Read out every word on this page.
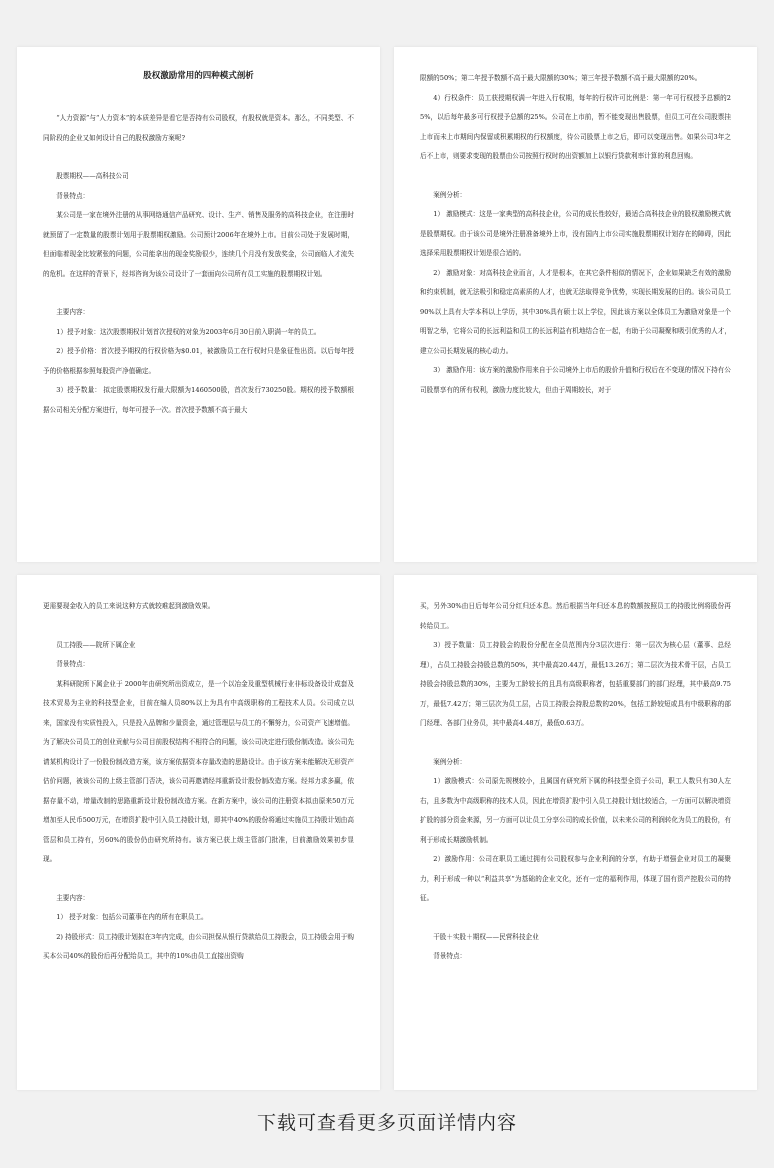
股权激励常用的四种模式剖析
“人力资源”与“人力资本”的本质差异是看它是否持有公司股权，有股权就是资本。那么，不同类型、不同阶段的企业又如何设计自己的股权激励方案呢?
股票期权——高科技公司
背景特点：
某公司是一家在境外注册的从事网络通信产品研究、设计、生产、销售及服务的高科技企业，在注册时就预留了一定数量的股票计划用于股票期权激励。公司预计2006年在境外上市。目前公司处于发展时期，但面临着现金比较紧张的问题，公司能拿出的现金奖励很少，连续几个月没有发放奖金，公司面临人才流失的危机。在这样的背景下，经邦咨询为该公司设计了一套面向公司所有员工实施的股票期权计划。
主要内容：
1）授予对象：这次股票期权计划首次授权的对象为2003年6月30日前入职满一年的员工。
2）授予价格：首次授予期权的行权价格为$0.01，被激励员工在行权时只是象征性出资。以后每年授予的价格根据参照每股资产净值确定。
3）授予数量： 拟定股票期权发行最大限额为1460500股，首次发行730250股。期权的授予数额根据公司相关分配方案进行，每年可授予一次。首次授予数额不高于最大
限额的50%；第二年授予数额不高于最大限额的30%；第三年授予数额不高于最大限额的20%。
4）行权条件：员工获授期权满一年进入行权期，每年的行权许可比例是：第一年可行权授予总额的25%，以后每年最多可行权授予总额的25%。公司在上市前，暂不能变现出售股票，但员工可在公司股票挂上市而未上市期间内保留或积累期权的行权额度，待公司股票上市之后，即可以变现出售。如果公司3年之后不上市，则要求变现的股票由公司按照行权时的出资额加上以银行贷款利率计算的利息回购。
案例分析：
1） 激励模式：这是一家典型的高科技企业，公司的成长性较好，最适合高科技企业的股权激励模式就是股票期权。由于该公司是境外注册准备境外上市，没有国内上市公司实施股票期权计划存在的障碍，因此选择采用股票期权计划是很合适的。
2） 激励对象：对高科技企业而言，人才是根本，在其它条件相似的情况下，企业如果缺乏有效的激励和约束机制，就无法吸引和稳定高素质的人才，也就无法取得竞争优势，实现长期发展的目的。该公司员工90%以上具有大学本科以上学历，其中30%具有硕士以上学位，因此该方案以全体员工为激励对象是一个明智之举，它将公司的长远利益和员工的长远利益有机地结合在一起，有助于公司凝聚和吸引优秀的人才，建立公司长期发展的核心动力。
3） 激励作用：该方案的激励作用来自于公司境外上市后的股价升值和行权后在不变现的情况下持有公司股票享有的所有权利，激励力度比较大，但由于周期较长，对于
更需要现金收入的员工来说这种方式就较难起到激励效果。
员工持股——院所下属企业
背景特点：
某科研院所下属企业于 2000年由研究所出资成立，是一个以冶金及重型机械行业非标设备设计成套及技术贸易为主业的科技型企业，目前在编人员80%以上为具有中高级职称的工程技术人员。公司成立以来，国家没有实质性投入，只是投入品牌和少量资金，通过管理层与员工的不懈努力，公司资产飞速增值。为了解决公司员工的创业贡献与公司目前股权结构不相符合的问题，该公司决定进行股份制改造。该公司先请某机构设计了一份股份制改造方案，该方案依据资本存量改造的思路设计。由于该方案未能解决无形资产估价问题，被该公司的上级主管部门否决，该公司再邀请经邦重新设计股份制改造方案。经邦力求多赢，依据存量不动，增量改制的思路重新设计股份制改造方案。在新方案中，该公司的注册资本拟由原来50万元增加至人民币500万元，在增资扩股中引入员工持股计划，即其中40%的股份将通过实施员工持股计划由高管层和员工持有，另60%的股份仍由研究所持有。该方案已获上级主管部门批准，目前激励效果初步显现。
主要内容：
1） 授予对象：包括公司董事在内的所有在职员工。
2) 持股形式：员工持股计划拟在3年内完成，由公司担保从银行贷款给员工持股会，员工持股会用于购买本公司40%的股份后再分配给员工，其中的10%由员工直接出资购
买，另外30%由日后每年公司分红归还本息。然后根据当年归还本息的数额按照员工的持股比例将股份再转给员工。
3）授予数量：员工持股会的股份分配在全员范围内分3层次进行：第一层次为核心层（董事、总经理），占员工持股会持股总数的50%，其中最高20.44万，最低13.26万；第二层次为技术骨干层，占员工持股会持股总数的30%，主要为工龄较长的且具有高级职称者，包括重要部门的部门经理，其中最高9.75万，最低7.42万；第三层次为员工层，占员工持股会持股总数的20%，包括工龄较短或具有中级职称的部门经理、各部门业务员，其中最高4.48万，最低0.63万。
案例分析：
1）激励模式：公司原先规模较小，且属国有研究所下属的科技型全资子公司，职工人数只有30人左右，且多数为中高级职称的技术人员，因此在增资扩股中引入员工持股计划比较适合，一方面可以解决增资扩股的部分资金来源，另一方面可以让员工分享公司的成长价值，以未来公司的利润转化为员工的股份，有利于形成长期激励机制。
2）激励作用：公司在职员工通过拥有公司股权参与企业利润的分享，有助于增强企业对员工的凝聚力，利于形成一种以“利益共享”为基础的企业文化，还有一定的福利作用，体现了国有资产控股公司的特征。
干股＋实股＋期权——民营科技企业
背景特点：
下载可查看更多页面详情内容
